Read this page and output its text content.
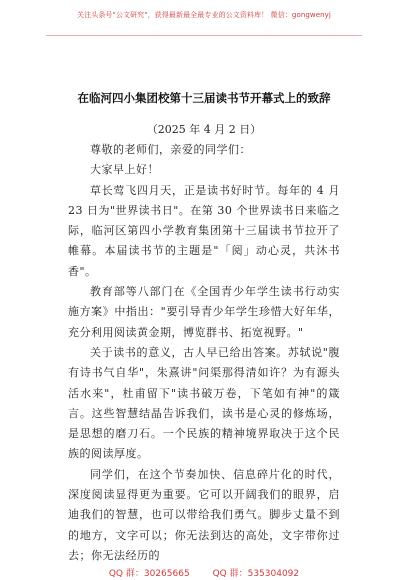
关注头条号"公文研究"，获得最新最全最专业的公文资料库！ 微信：gongwenyj
在临河四小集团校第十三届读书节开幕式上的致辞
（2025 年 4 月 2 日）

尊敬的老师们，亲爱的同学们：

大家早上好！

草长莺飞四月天，正是读书好时节。每年的 4 月 23 日为"世界读书日"。在第 30 个世界读书日来临之际，临河区第四小学教育集团第十三届读书节拉开了帷幕。本届读书节的主题是"「阅」动心灵，共沐书香"。

教育部等八部门在《全国青少年学生读书行动实施方案》中指出："要引导青少年学生珍惜大好年华，充分利用阅读黄金期，博览群书、拓宽视野。"

关于读书的意义，古人早已给出答案。苏轼说"腹有诗书气自华"，朱熹讲"问渠那得清如许？为有源头活水来"，杜甫留下"读书破万卷，下笔如有神"的箴言。这些智慧结晶告诉我们，读书是心灵的修炼场，是思想的磨刀石。一个民族的精神境界取决于这个民族的阅读厚度。

同学们，在这个节奏加快、信息碎片化的时代，深度阅读显得更为重要。它可以开阔我们的眼界，启迪我们的智慧，也可以带给我们勇气。脚步丈量不到的地方，文字可以；你无法到达的高处，文字带你过去；你无法经历的

QQ 群：30265665	QQ 群：535304092
